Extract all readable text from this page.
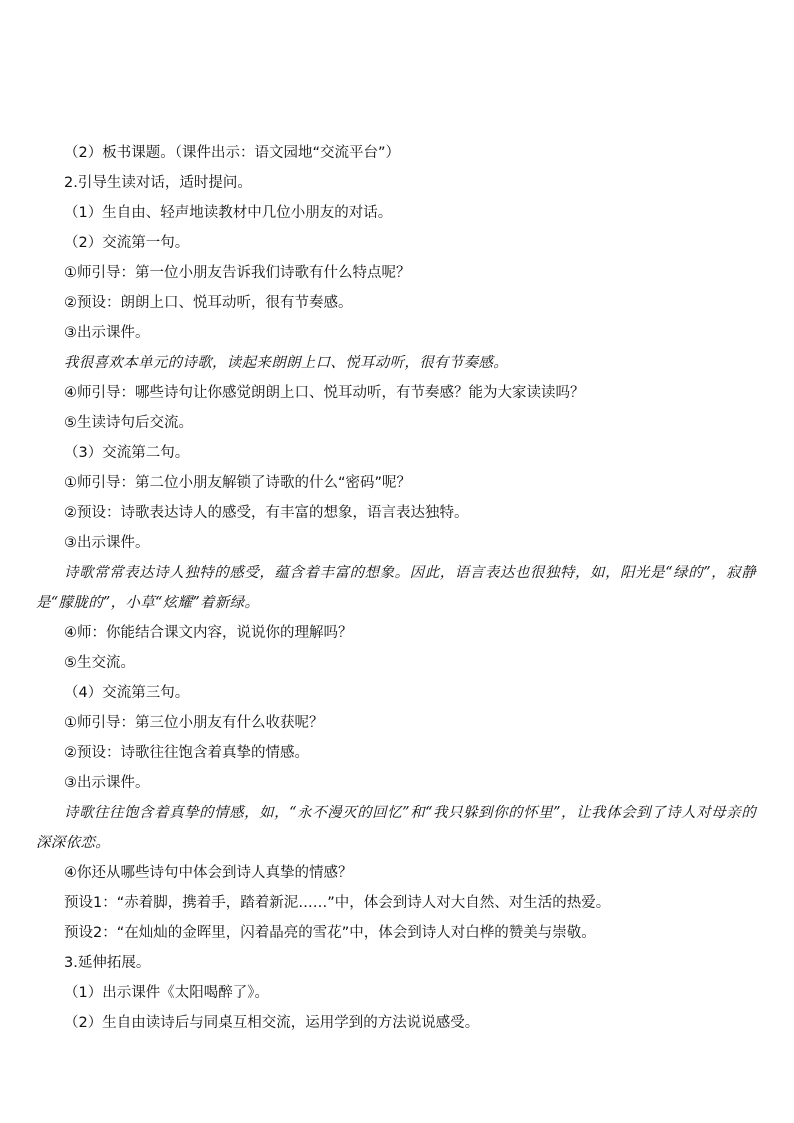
（2）板书课题。（课件出示：语文园地“交流平台”）
2.引导生读对话，适时提问。
（1）生自由、轻声地读教材中几位小朋友的对话。
（2）交流第一句。
①师引导：第一位小朋友告诉我们诗歌有什么特点呢？
②预设：朗朗上口、悦耳动听，很有节奏感。
③出示课件。
我很喜欢本单元的诗歌，读起来朗朗上口、悦耳动听，很有节奏感。
④师引导：哪些诗句让你感觉朗朗上口、悦耳动听，有节奏感？能为大家读读吗？
⑤生读诗句后交流。
（3）交流第二句。
①师引导：第二位小朋友解锁了诗歌的什么“密码”呢？
②预设：诗歌表达诗人的感受，有丰富的想象，语言表达独特。
③出示课件。
诗歌常常表达诗人独特的感受，蕴含着丰富的想象。因此，语言表达也很独特，如，阳光是“绿的”，寂静是“朦胧的”，小草“炫耀”着新绿。
④师：你能结合课文内容，说说你的理解吗？
⑤生交流。
（4）交流第三句。
①师引导：第三位小朋友有什么收获呢？
②预设：诗歌往往饱含着真挚的情感。
③出示课件。
诗歌往往饱含着真挚的情感，如，“永不漫灭的回忆”和“我只躲到你的怀里”，让我体会到了诗人对母亲的深深依恋。
④你还从哪些诗句中体会到诗人真挚的情感？
预设1：“赤着脚，携着手，踏着新泥……”中，体会到诗人对大自然、对生活的热爱。
预设2：“在灿灿的金晖里，闪着晶亮的雪花”中，体会到诗人对白桦的赞美与崇敬。
3.延伸拓展。
（1）出示课件《太阳喝醉了》。
（2）生自由读诗后与同桌互相交流，运用学到的方法说说感受。
